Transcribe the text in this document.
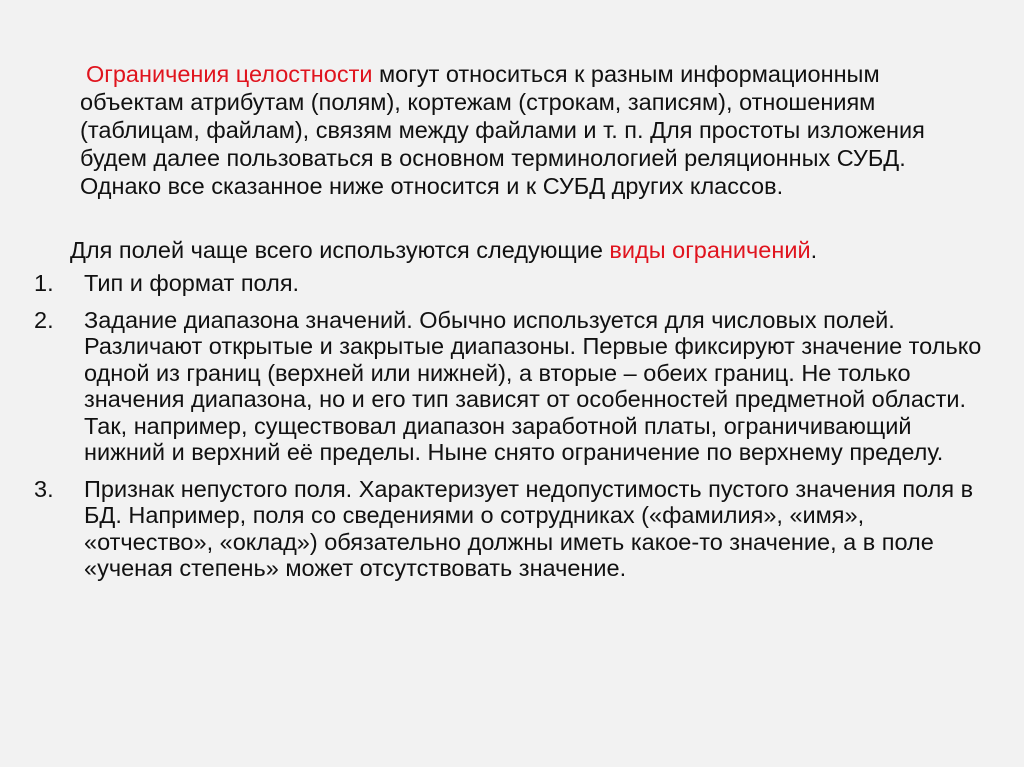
Ограничения целостности могут относиться к разным информационным объектам атрибутам (полям), кортежам (строкам, записям), отношениям (таблицам, файлам), связям между файлами и т. п. Для простоты изложения будем далее пользоваться в основном терминологией реляционных СУБД. Однако все сказанное ниже относится и к СУБД других классов.

Для полей чаще всего используются следующие виды ограничений.

1.	Тип и формат поля.
2.	Задание диапазона значений. Обычно используется для числовых полей. Различают открытые и закрытые диапазоны. Первые фиксируют значение только одной из границ (верхней или нижней), а вторые – обеих границ. Не только значения диапазона, но и его тип зависят от особенностей предметной области. Так, например, существовал диапазон заработной платы, ограничивающий нижний и верхний её пределы. Ныне снято ограничение по верхнему пределу.
3.	Признак непустого поля. Характеризует недопустимость пустого значения поля в БД. Например, поля со сведениями о сотрудниках («фамилия», «имя», «отчество», «оклад») обязательно должны иметь какое-то значение, а в поле «ученая степень» может отсутствовать значение.
